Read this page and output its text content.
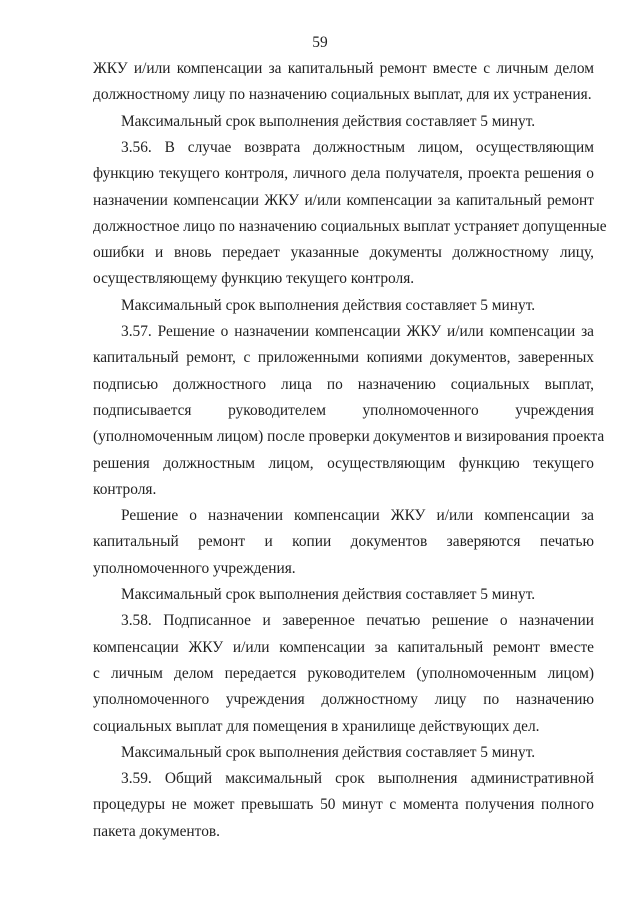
59
ЖКУ и/или компенсации за капитальный ремонт вместе с личным делом
должностному лицу по назначению социальных выплат, для их устранения.
Максимальный срок выполнения действия составляет 5 минут.
3.56. В случае возврата должностным лицом, осуществляющим
функцию текущего контроля, личного дела получателя, проекта решения о
назначении компенсации ЖКУ и/или компенсации за капитальный ремонт
должностное лицо по назначению социальных выплат устраняет допущенные
ошибки и вновь передает указанные документы должностному лицу,
осуществляющему функцию текущего контроля.
Максимальный срок выполнения действия составляет 5 минут.
3.57. Решение о назначении компенсации ЖКУ и/или компенсации за
капитальный ремонт, с приложенными копиями документов, заверенных
подписью должностного лица по назначению социальных выплат,
подписывается руководителем уполномоченного учреждения
(уполномоченным лицом) после проверки документов и визирования проекта
решения должностным лицом, осуществляющим функцию текущего
контроля.
Решение о назначении компенсации ЖКУ и/или компенсации за
капитальный ремонт и копии документов заверяются печатью
уполномоченного учреждения.
Максимальный срок выполнения действия составляет 5 минут.
3.58. Подписанное и заверенное печатью решение о назначении
компенсации ЖКУ и/или компенсации за капитальный ремонт вместе
с личным делом передается руководителем (уполномоченным лицом)
уполномоченного учреждения должностному лицу по назначению
социальных выплат для помещения в хранилище действующих дел.
Максимальный срок выполнения действия составляет 5 минут.
3.59. Общий максимальный срок выполнения административной
процедуры не может превышать 50 минут с момента получения полного
пакета документов.
